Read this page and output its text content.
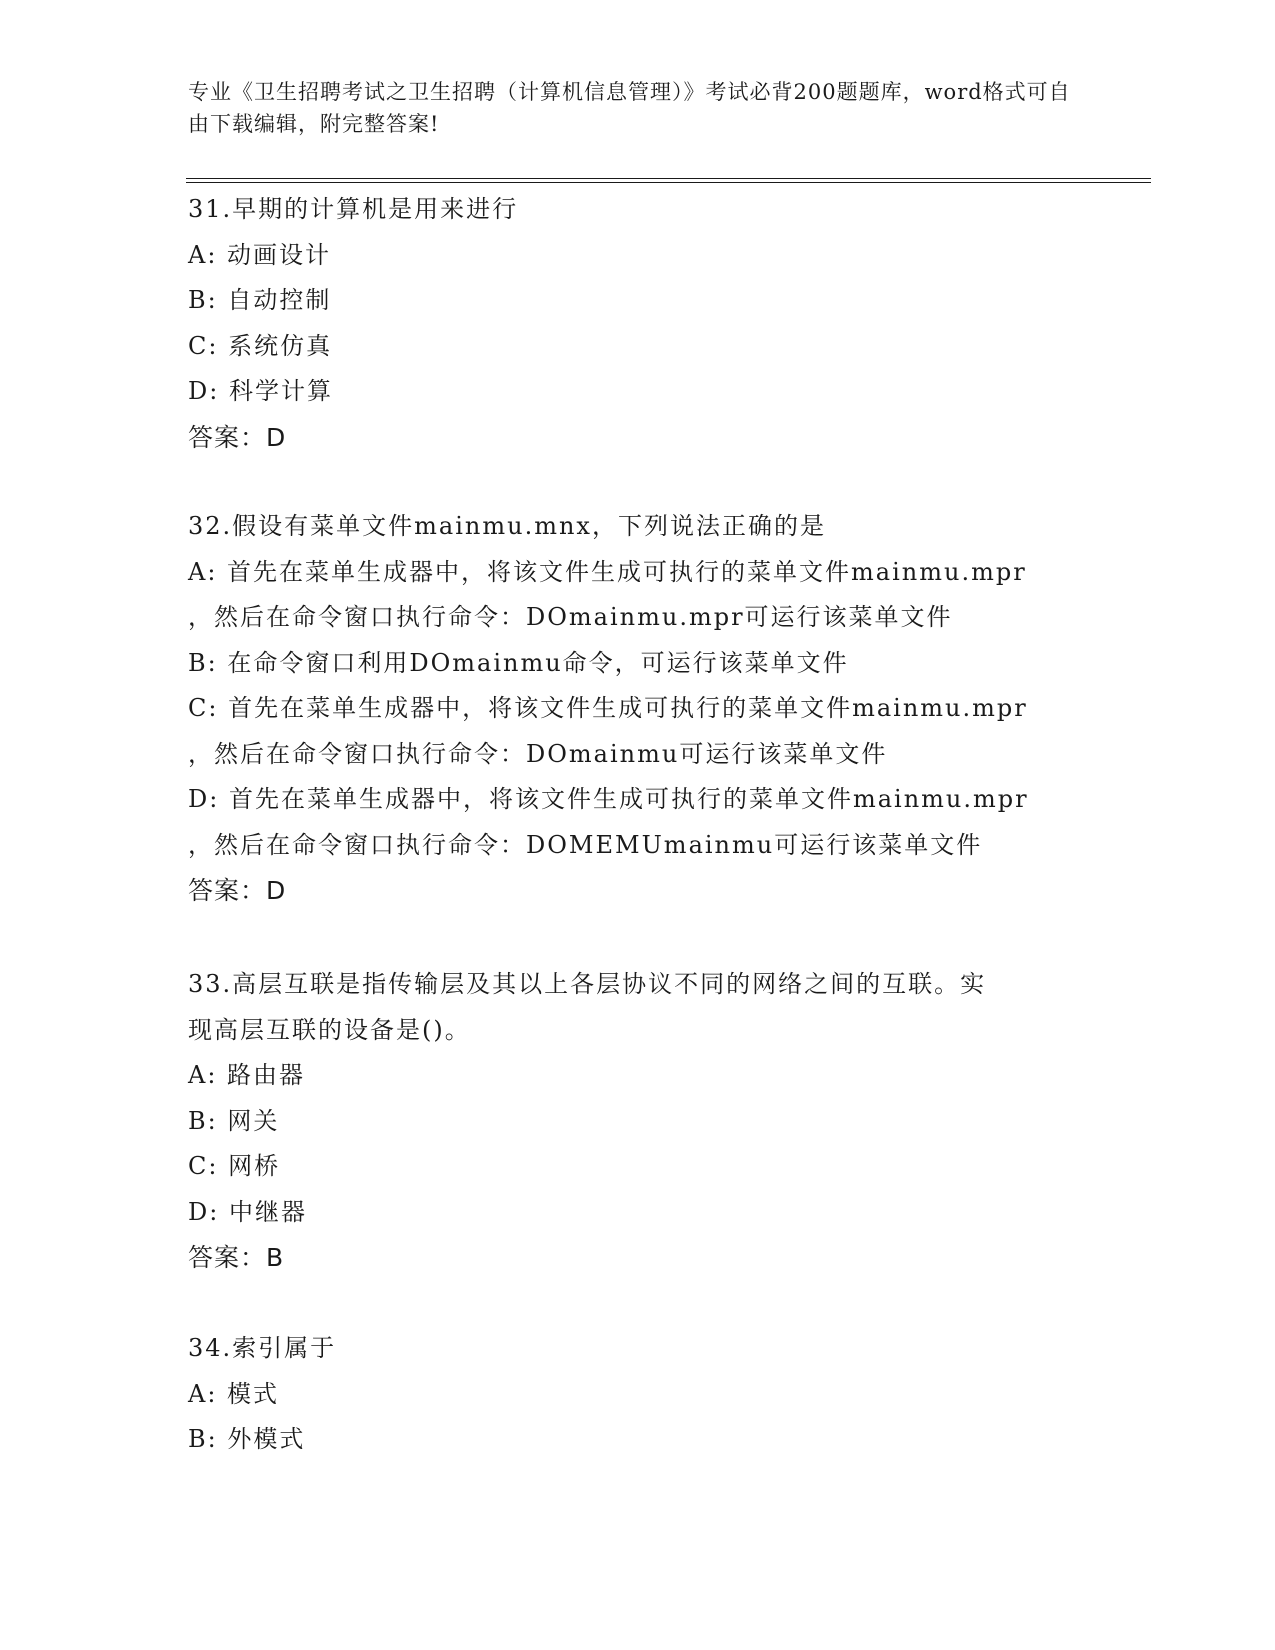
专业《卫生招聘考试之卫生招聘（计算机信息管理）》考试必背200题题库，word格式可自由下载编辑，附完整答案!
31.早期的计算机是用来进行
A: 动画设计
B: 自动控制
C: 系统仿真
D: 科学计算
答案：D
32.假设有菜单文件mainmu.mnx，下列说法正确的是
A: 首先在菜单生成器中，将该文件生成可执行的菜单文件mainmu.mpr
，然后在命令窗口执行命令：DOmainmu.mpr可运行该菜单文件
B: 在命令窗口利用DOmainmu命令，可运行该菜单文件
C: 首先在菜单生成器中，将该文件生成可执行的菜单文件mainmu.mpr
，然后在命令窗口执行命令：DOmainmu可运行该菜单文件
D: 首先在菜单生成器中，将该文件生成可执行的菜单文件mainmu.mpr
，然后在命令窗口执行命令：DOMEMUmainmu可运行该菜单文件
答案：D
33.高层互联是指传输层及其以上各层协议不同的网络之间的互联。实
现高层互联的设备是()。
A: 路由器
B: 网关
C: 网桥
D: 中继器
答案：B
34.索引属于
A: 模式
B: 外模式
